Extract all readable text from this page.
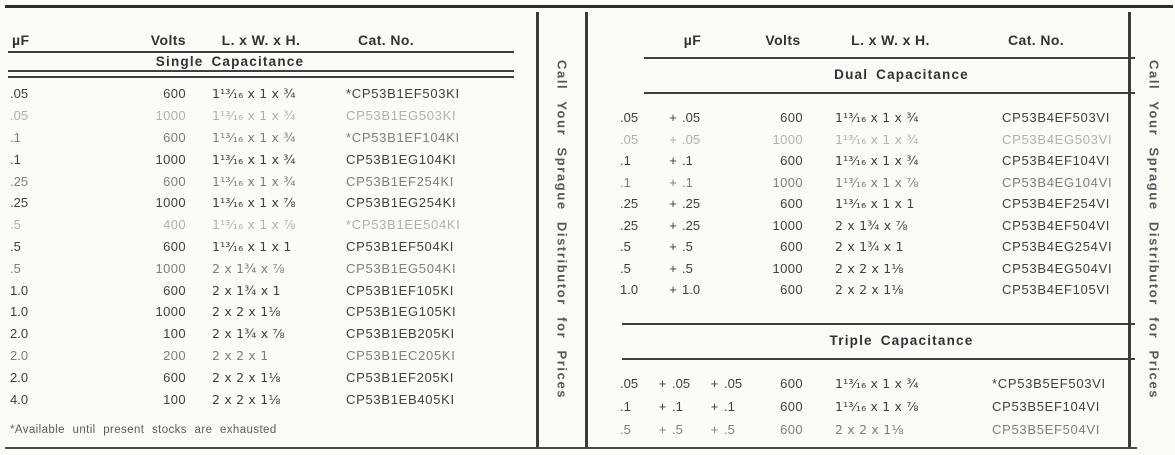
µF	Volts	L. x W. x H.	Cat. No.
Single Capacitance
.05	600	1¹³⁄₁₆ x 1 x ¾	*CP53B1EF503KI
.05	1000	1¹³⁄₁₆ x 1 x ¾	CP53B1EG503KI
.1	600	1¹³⁄₁₆ x 1 x ¾	*CP53B1EF104KI
.1	1000	1¹³⁄₁₆ x 1 x ¾	CP53B1EG104KI
.25	600	1¹³⁄₁₆ x 1 x ¾	CP53B1EF254KI
.25	1000	1¹³⁄₁₆ x 1 x ⅞	CP53B1EG254KI
.5	400	1¹³⁄₁₆ x 1 x ⅞	*CP53B1EE504KI
.5	600	1¹³⁄₁₆ x 1 x 1	CP53B1EF504KI
.5	1000	2 x 1¾ x ⅞	CP53B1EG504KI
1.0	600	2 x 1¾ x 1	CP53B1EF105KI
1.0	1000	2 x 2 x 1⅛	CP53B1EG105KI
2.0	100	2 x 1¾ x ⅞	CP53B1EB205KI
2.0	200	2 x 2 x 1	CP53B1EC205KI
2.0	600	2 x 2 x 1⅛	CP53B1EF205KI
4.0	100	2 x 2 x 1⅛	CP53B1EB405KI
*Available until present stocks are exhausted
Call Your Sprague Distributor for Prices
µF	Volts	L. x W. x H.	Cat. No.
Dual Capacitance
.05	+ .05	600	1¹³⁄₁₆ x 1 x ¾	CP53B4EF503VI
.05	+ .05	1000	1¹³⁄₁₆ x 1 x ¾	CP53B4EG503VI
.1	+ .1	600	1¹³⁄₁₆ x 1 x ¾	CP53B4EF104VI
.1	+ .1	1000	1¹³⁄₁₆ x 1 x ⅞	CP53B4EG104VI
.25	+ .25	600	1¹³⁄₁₆ x 1 x 1	CP53B4EF254VI
.25	+ .25	1000	2 x 1¾ x ⅞	CP53B4EF504VI
.5	+ .5	600	2 x 1¾ x 1	CP53B4EG254VI
.5	+ .5	1000	2 x 2 x 1⅛	CP53B4EG504VI
1.0	+ 1.0	600	2 x 2 x 1⅛	CP53B4EF105VI
Triple Capacitance
.05	+ .05	+ .05	600	1¹³⁄₁₆ x 1 x ¾	*CP53B5EF503VI
.1	+ .1	+ .1	600	1¹³⁄₁₆ x 1 x ⅞	CP53B5EF104VI
.5	+ .5	+ .5	600	2 x 2 x 1⅛	CP53B5EF504VI
Call Your Sprague Distributor for Prices
